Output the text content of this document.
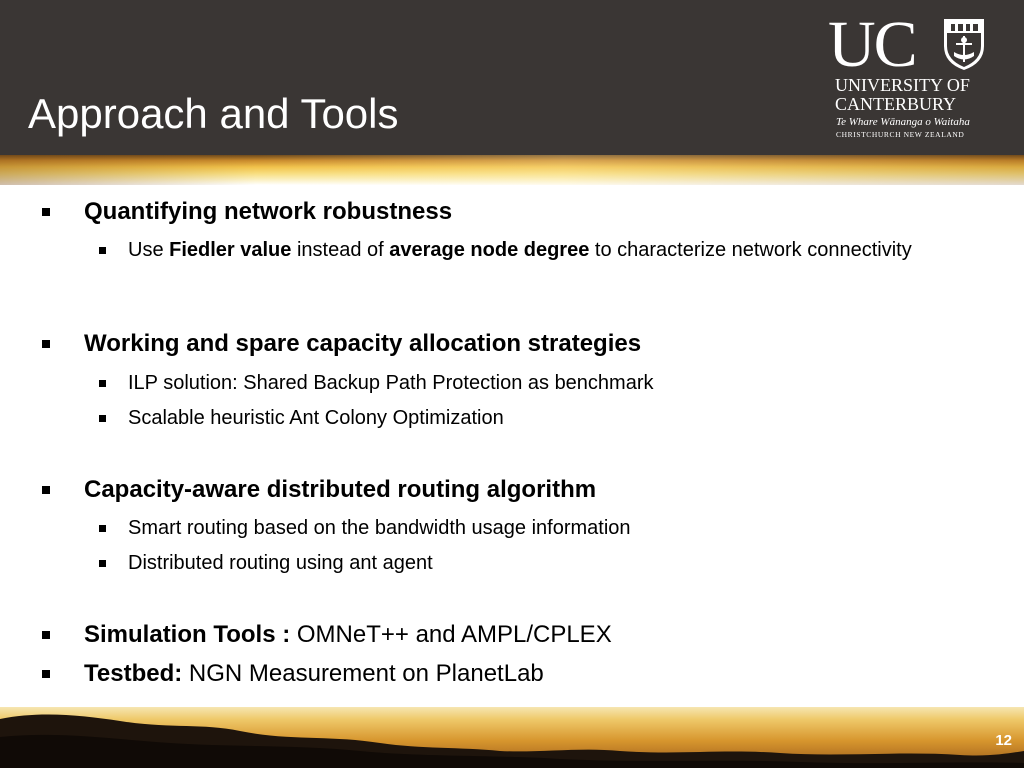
Approach and Tools
UC
UNIVERSITY OF
CANTERBURY
Te Whare Wānanga o Waitaha
CHRISTCHURCH NEW ZEALAND
Quantifying network robustness
Use Fiedler value instead of average node degree to characterize network connectivity
Working and spare capacity allocation strategies
ILP solution: Shared Backup Path Protection as benchmark
Scalable heuristic Ant Colony Optimization
Capacity-aware distributed routing algorithm
Smart routing based on the bandwidth usage information
Distributed routing using ant agent
Simulation Tools : OMNeT++ and AMPL/CPLEX
Testbed: NGN Measurement on PlanetLab
12
